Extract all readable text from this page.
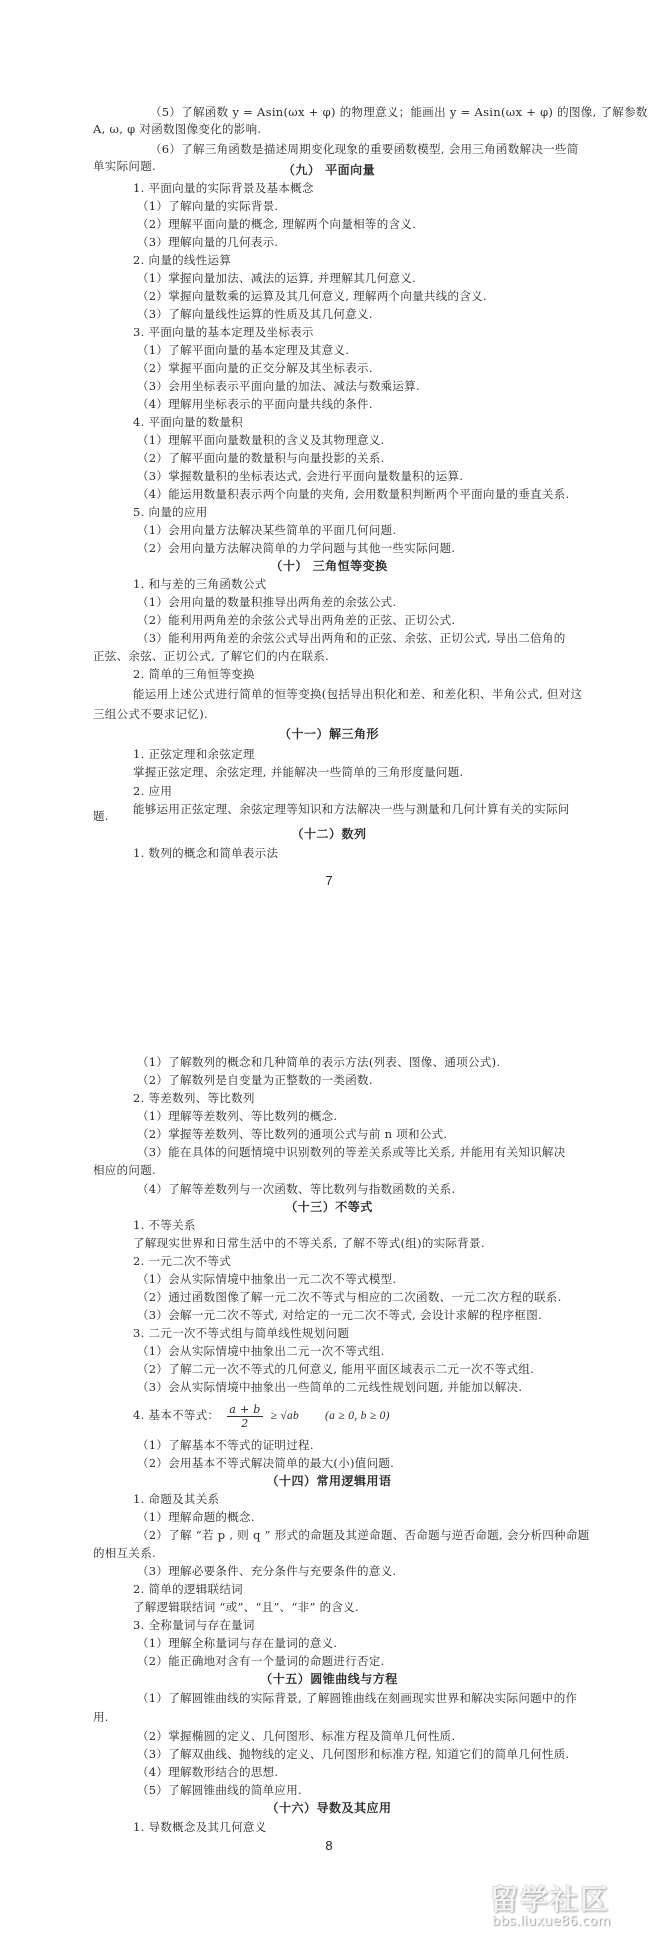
（5）了解函数 y = Asin(ωx + φ) 的物理意义；能画出 y = Asin(ωx + φ) 的图像, 了解参数
A, ω, φ 对函数图像变化的影响.
（6）了解三角函数是描述周期变化现象的重要函数模型, 会用三角函数解决一些简
单实际问题.	（九） 平面向量
1. 平面向量的实际背景及基本概念
（1）了解向量的实际背景.
（2）理解平面向量的概念, 理解两个向量相等的含义.
（3）理解向量的几何表示.
2. 向量的线性运算
（1）掌握向量加法、减法的运算, 并理解其几何意义.
（2）掌握向量数乘的运算及其几何意义, 理解两个向量共线的含义.
（3）了解向量线性运算的性质及其几何意义.
3. 平面向量的基本定理及坐标表示
（1）了解平面向量的基本定理及其意义.
（2）掌握平面向量的正交分解及其坐标表示.
（3）会用坐标表示平面向量的加法、减法与数乘运算.
（4）理解用坐标表示的平面向量共线的条件.
4. 平面向量的数量积
（1）理解平面向量数量积的含义及其物理意义.
（2）了解平面向量的数量积与向量投影的关系.
（3）掌握数量积的坐标表达式, 会进行平面向量数量积的运算.
（4）能运用数量积表示两个向量的夹角, 会用数量积判断两个平面向量的垂直关系.
5. 向量的应用
（1）会用向量方法解决某些简单的平面几何问题.
（2）会用向量方法解决简单的力学问题与其他一些实际问题.
（十） 三角恒等变换
1. 和与差的三角函数公式
（1）会用向量的数量积推导出两角差的余弦公式.
（2）能利用两角差的余弦公式导出两角差的正弦、正切公式.
（3）能利用两角差的余弦公式导出两角和的正弦、余弦、正切公式, 导出二倍角的
正弦、余弦、正切公式, 了解它们的内在联系.
2. 简单的三角恒等变换
能运用上述公式进行简单的恒等变换(包括导出积化和差、和差化积、半角公式, 但对这
三组公式不要求记忆).
（十一）解三角形
1. 正弦定理和余弦定理
掌握正弦定理、余弦定理, 并能解决一些简单的三角形度量问题.
2. 应用
能够运用正弦定理、余弦定理等知识和方法解决一些与测量和几何计算有关的实际问
题.
（十二）数列
1. 数列的概念和简单表示法
7
（1）了解数列的概念和几种简单的表示方法(列表、图像、通项公式).
（2）了解数列是自变量为正整数的一类函数.
2. 等差数列、等比数列
（1）理解等差数列、等比数列的概念.
（2）掌握等差数列、等比数列的通项公式与前 n 项和公式.
（3）能在具体的问题情境中识别数列的等差关系或等比关系, 并能用有关知识解决
相应的问题.
（4）了解等差数列与一次函数、等比数列与指数函数的关系.
（十三）不等式
1. 不等关系
了解现实世界和日常生活中的不等关系, 了解不等式(组)的实际背景.
2. 一元二次不等式
（1）会从实际情境中抽象出一元二次不等式模型.
（2）通过函数图像了解一元二次不等式与相应的二次函数、一元二次方程的联系.
（3）会解一元二次不等式, 对给定的一元二次不等式, 会设计求解的程序框图.
3. 二元一次不等式组与简单线性规划问题
（1）会从实际情境中抽象出二元一次不等式组.
（2）了解二元一次不等式的几何意义, 能用平面区域表示二元一次不等式组.
（3）会从实际情境中抽象出一些简单的二元线性规划问题, 并能加以解决.
4. 基本不等式： $\frac{a + b}{2} \ge √ab$ (a ≥ 0, b ≥ 0)
（1）了解基本不等式的证明过程.
（2）会用基本不等式解决简单的最大(小)值问题.
（十四）常用逻辑用语
1. 命题及其关系
（1）理解命题的概念.
（2）了解 “若 p , 则 q ” 形式的命题及其逆命题、否命题与逆否命题, 会分析四种命题
的相互关系.
（3）理解必要条件、充分条件与充要条件的意义.
2. 简单的逻辑联结词
了解逻辑联结词 “或”、“且”、“非” 的含义.
3. 全称量词与存在量词
（1）理解全称量词与存在量词的意义.
（2）能正确地对含有一个量词的命题进行否定.
（十五）圆锥曲线与方程
（1）了解圆锥曲线的实际背景, 了解圆锥曲线在刻画现实世界和解决实际问题中的作
用.
（2）掌握椭圆的定义、几何图形、标准方程及简单几何性质.
（3）了解双曲线、抛物线的定义、几何图形和标准方程, 知道它们的简单几何性质.
（4）理解数形结合的思想.
（5）了解圆锥曲线的简单应用.
（十六）导数及其应用
1. 导数概念及其几何意义
8
留学社区
bbs.liuxue86.com
